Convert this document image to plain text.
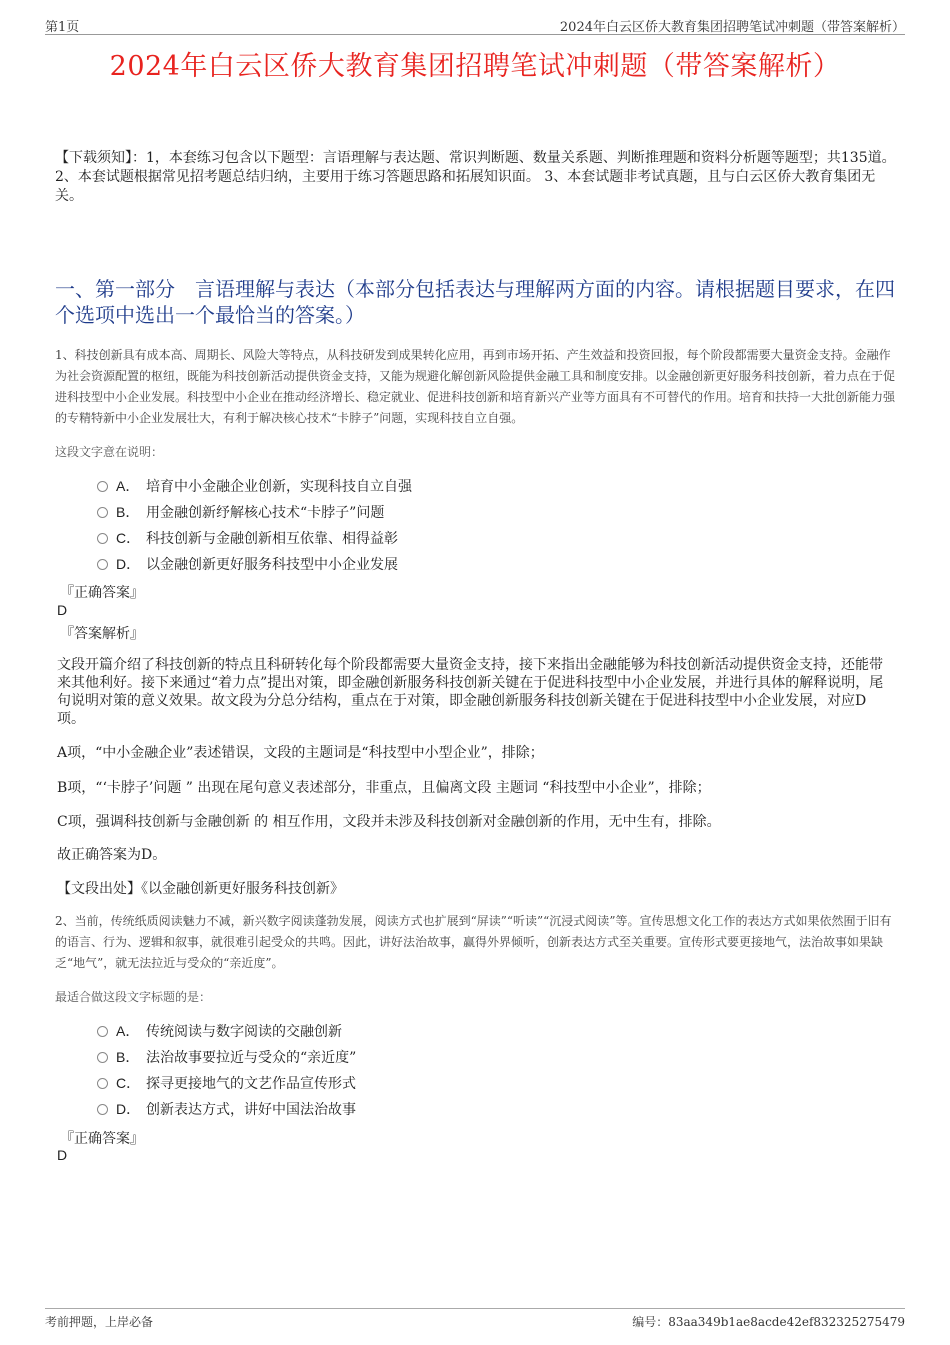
第1页	2024年白云区侨大教育集团招聘笔试冲刺题（带答案解析）
2024年白云区侨大教育集团招聘笔试冲刺题（带答案解析）
【下载须知】：1，本套练习包含以下题型：言语理解与表达题、常识判断题、数量关系题、判断推理题和资料分析题等题型；共135道。 2、本套试题根据常见招考题总结归纳，主要用于练习答题思路和拓展知识面。 3、本套试题非考试真题，且与白云区侨大教育集团无关。
一、第一部分　言语理解与表达（本部分包括表达与理解两方面的内容。请根据题目要求，在四个选项中选出一个最恰当的答案。）
1、科技创新具有成本高、周期长、风险大等特点，从科技研发到成果转化应用，再到市场开拓、产生效益和投资回报，每个阶段都需要大量资金支持。金融作为社会资源配置的枢纽，既能为科技创新活动提供资金支持，又能为规避化解创新风险提供金融工具和制度安排。以金融创新更好服务科技创新，着力点在于促进科技型中小企业发展。科技型中小企业在推动经济增长、稳定就业、促进科技创新和培育新兴产业等方面具有不可替代的作用。培育和扶持一大批创新能力强的专精特新中小企业发展壮大，有利于解决核心技术“卡脖子”问题，实现科技自立自强。
这段文字意在说明：
A． 培育中小金融企业创新，实现科技自立自强
B． 用金融创新纾解核心技术“卡脖子”问题
C． 科技创新与金融创新相互依靠、相得益彰
D． 以金融创新更好服务科技型中小企业发展
『正确答案』
D
『答案解析』
文段开篇介绍了科技创新的特点且科研转化每个阶段都需要大量资金支持，接下来指出金融能够为科技创新活动提供资金支持，还能带来其他利好。接下来通过“着力点”提出对策，即金融创新服务科技创新关键在于促进科技型中小企业发展，并进行具体的解释说明，尾句说明对策的意义效果。故文段为分总分结构，重点在于对策，即金融创新服务科技创新关键在于促进科技型中小企业发展，对应D项。
A项，“中小金融企业”表述错误，文段的主题词是“科技型中小型企业”，排除；
B项，“‘卡脖子’问题 ” 出现在尾句意义表述部分，非重点，且偏离文段 主题词 “科技型中小企业”，排除；
C项，强调科技创新与金融创新 的 相互作用，文段并未涉及科技创新对金融创新的作用，无中生有，排除。
故正确答案为D。
【文段出处】《以金融创新更好服务科技创新》
2、当前，传统纸质阅读魅力不减，新兴数字阅读蓬勃发展，阅读方式也扩展到“屏读”“听读”“沉浸式阅读”等。宣传思想文化工作的表达方式如果依然囿于旧有的语言、行为、逻辑和叙事，就很难引起受众的共鸣。因此，讲好法治故事，赢得外界倾听，创新表达方式至关重要。宣传形式要更接地气，法治故事如果缺乏“地气”，就无法拉近与受众的“亲近度”。
最适合做这段文字标题的是：
A． 传统阅读与数字阅读的交融创新
B． 法治故事要拉近与受众的“亲近度”
C． 探寻更接地气的文艺作品宣传形式
D． 创新表达方式，讲好中国法治故事
『正确答案』
D
考前押题，上岸必备	编号：83aa349b1ae8acde42ef832325275479
